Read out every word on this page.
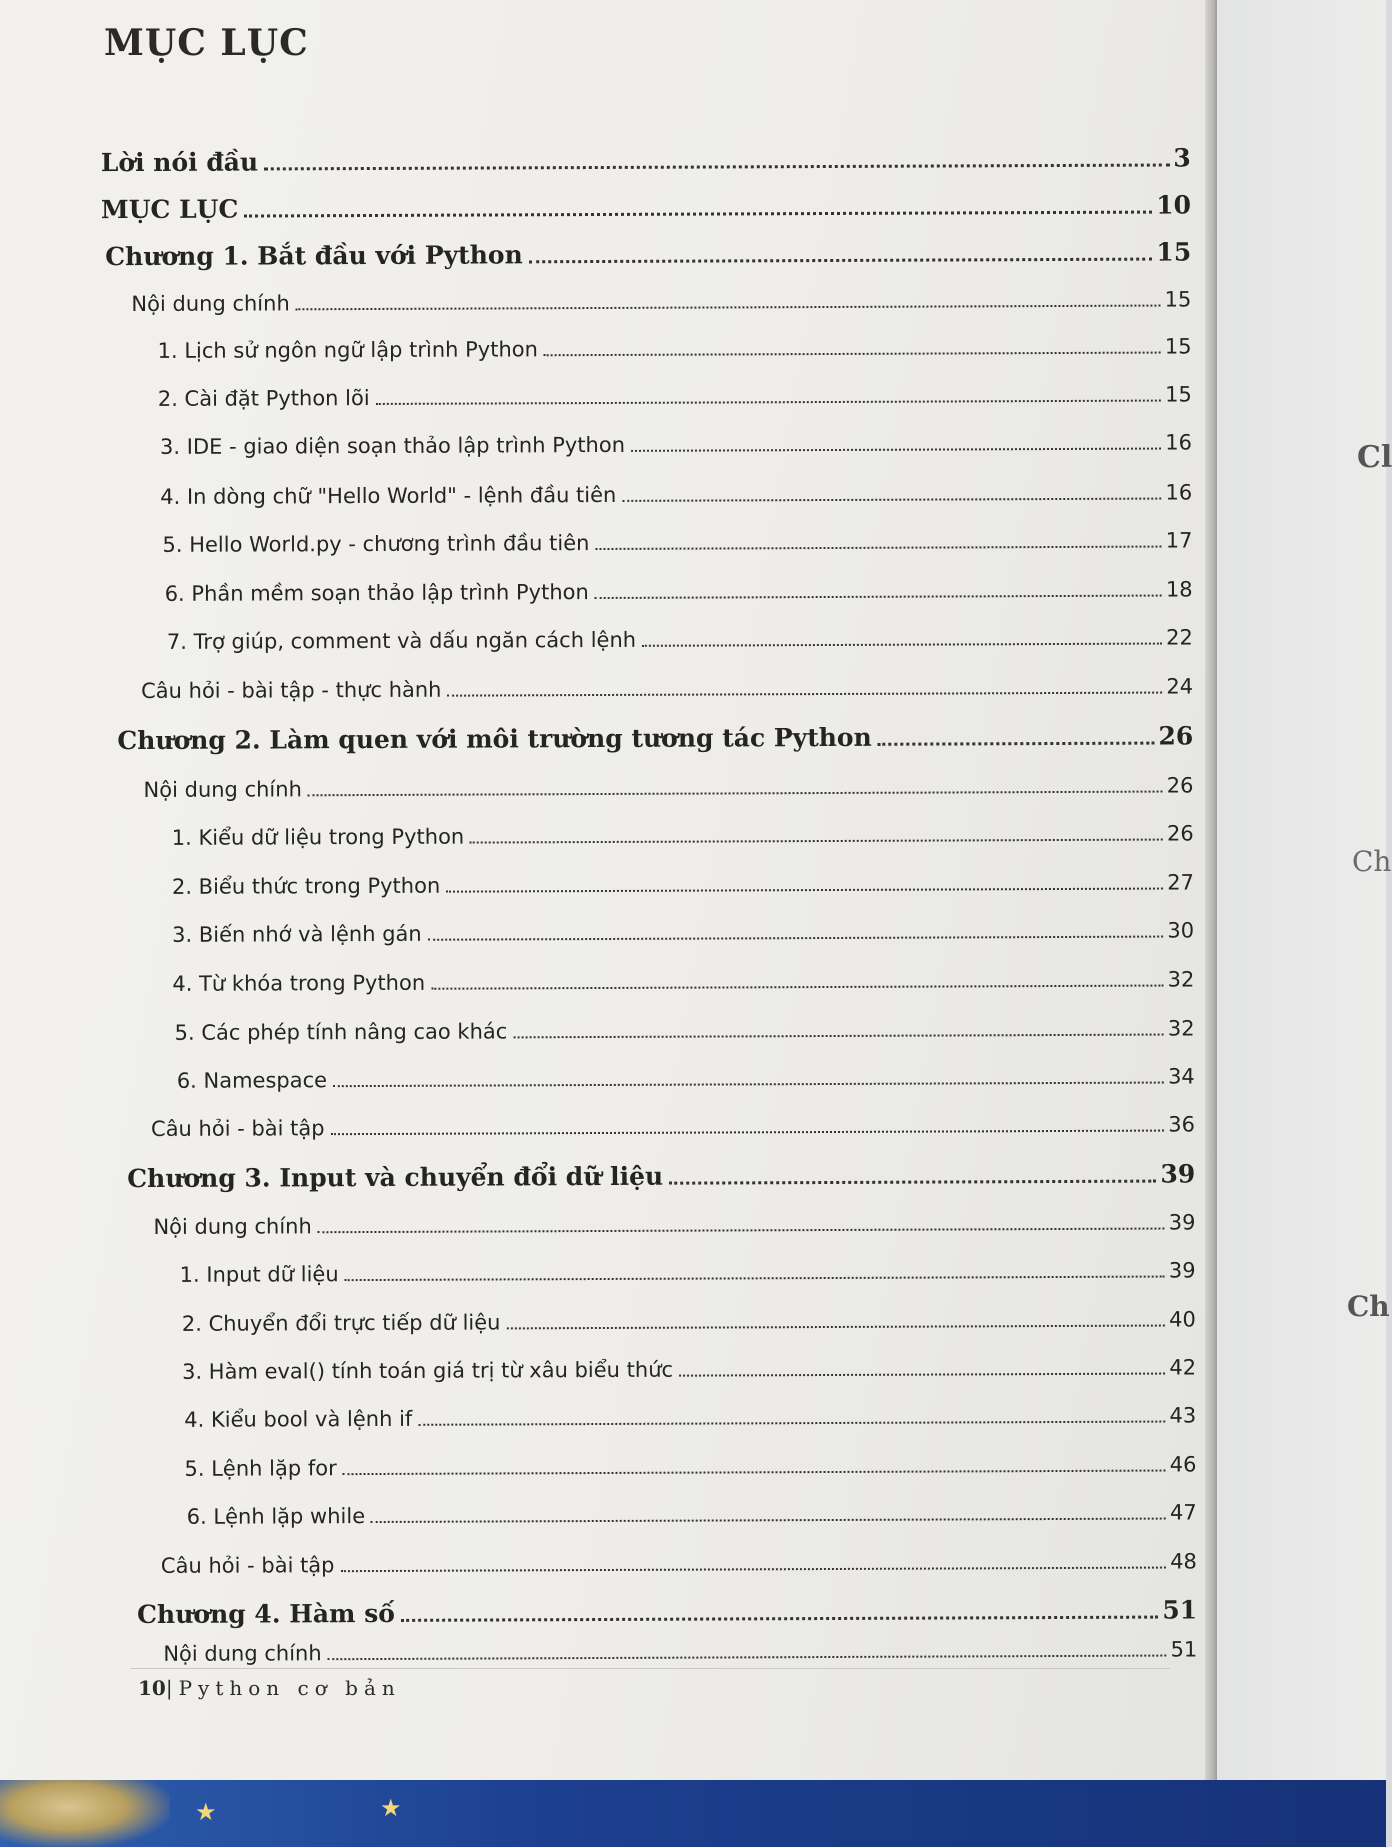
MỤC LỤC
Lời nói đầu	3
MỤC LỤC	10
Chương 1. Bắt đầu với Python	15
Nội dung chính	15
1. Lịch sử ngôn ngữ lập trình Python	15
2. Cài đặt Python lõi	15
3. IDE - giao diện soạn thảo lập trình Python	16
4. In dòng chữ "Hello World" - lệnh đầu tiên	16
5. Hello World.py - chương trình đầu tiên	17
6. Phần mềm soạn thảo lập trình Python	18
7. Trợ giúp, comment và dấu ngăn cách lệnh	22
Câu hỏi - bài tập - thực hành	24
Chương 2. Làm quen với môi trường tương tác Python	26
Nội dung chính	26
1. Kiểu dữ liệu trong Python	26
2. Biểu thức trong Python	27
3. Biến nhớ và lệnh gán	30
4. Từ khóa trong Python	32
5. Các phép tính nâng cao khác	32
6. Namespace	34
Câu hỏi - bài tập	36
Chương 3. Input và chuyển đổi dữ liệu	39
Nội dung chính	39
1. Input dữ liệu	39
2. Chuyển đổi trực tiếp dữ liệu	40
3. Hàm eval() tính toán giá trị từ xâu biểu thức	42
4. Kiểu bool và lệnh if	43
5. Lệnh lặp for	46
6. Lệnh lặp while	47
Câu hỏi - bài tập	48
Chương 4. Hàm số	51
Nội dung chính	51
10|Python cơ bản
Cl
Ch
Ch
★	★
